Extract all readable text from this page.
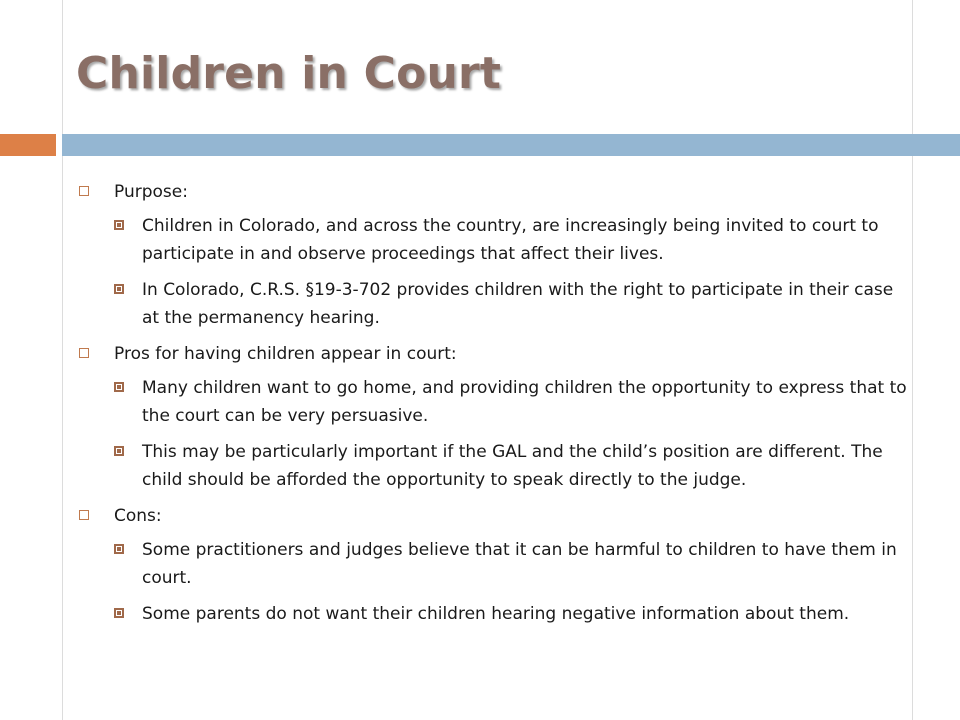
Children in Court
Purpose:
Children in Colorado, and across the country, are increasingly being invited to court to participate in and observe proceedings that affect their lives.
In Colorado, C.R.S. §19-3-702 provides children with the right to participate in their case at the permanency hearing.
Pros for having children appear in court:
Many children want to go home, and providing children the opportunity to express that to the court can be very persuasive.
This may be particularly important if the GAL and the child’s position are different. The child should be afforded the opportunity to speak directly to the judge.
Cons:
Some practitioners and judges believe that it can be harmful to children to have them in court.
Some parents do not want their children hearing negative information about them.
